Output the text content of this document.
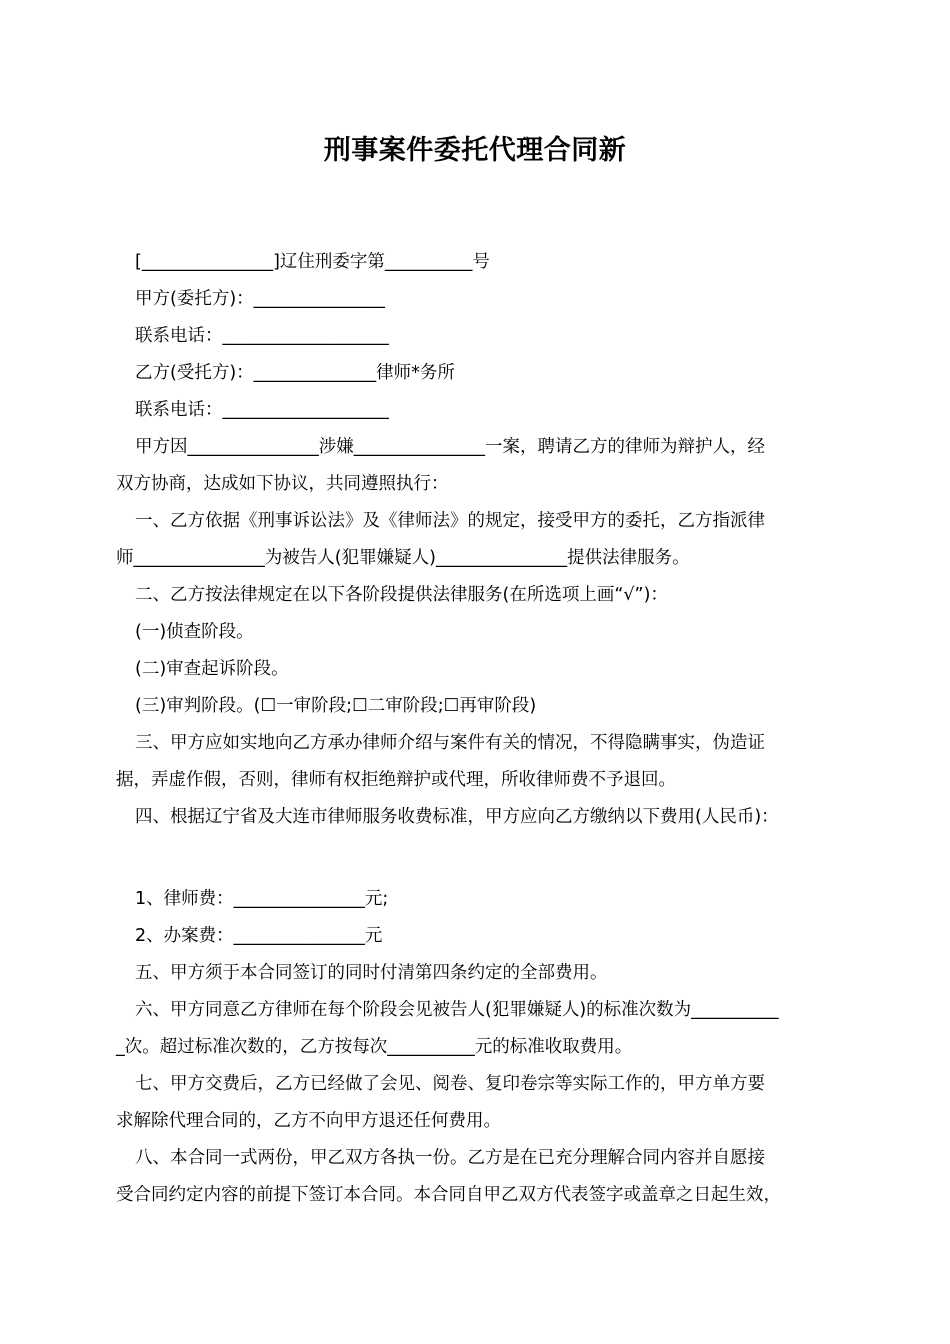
刑事案件委托代理合同新
[_______________]辽住刑委字第__________号
甲方(委托方)：_______________
联系电话：___________________
乙方(受托方)：______________律师*务所
联系电话：___________________
甲方因_______________涉嫌_______________一案，聘请乙方的律师为辩护人，经
双方协商，达成如下协议，共同遵照执行：
一、乙方依据《刑事诉讼法》及《律师法》的规定，接受甲方的委托，乙方指派律
师_______________为被告人(犯罪嫌疑人)_______________提供法律服务。
二、乙方按法律规定在以下各阶段提供法律服务(在所选项上画“√”)：
(一)侦查阶段。
(二)审查起诉阶段。
(三)审判阶段。(☐一审阶段;☐二审阶段;☐再审阶段)
三、甲方应如实地向乙方承办律师介绍与案件有关的情况，不得隐瞒事实，伪造证
据，弄虚作假，否则，律师有权拒绝辩护或代理，所收律师费不予退回。
四、根据辽宁省及大连市律师服务收费标准，甲方应向乙方缴纳以下费用(人民币)：
1、律师费：_______________元;
2、办案费：_______________元
五、甲方须于本合同签订的同时付清第四条约定的全部费用。
六、甲方同意乙方律师在每个阶段会见被告人(犯罪嫌疑人)的标准次数为__________
_次。超过标准次数的，乙方按每次__________元的标准收取费用。
七、甲方交费后，乙方已经做了会见、阅卷、复印卷宗等实际工作的，甲方单方要
求解除代理合同的，乙方不向甲方退还任何费用。
八、本合同一式两份，甲乙双方各执一份。乙方是在已充分理解合同内容并自愿接
受合同约定内容的前提下签订本合同。本合同自甲乙双方代表签字或盖章之日起生效，
